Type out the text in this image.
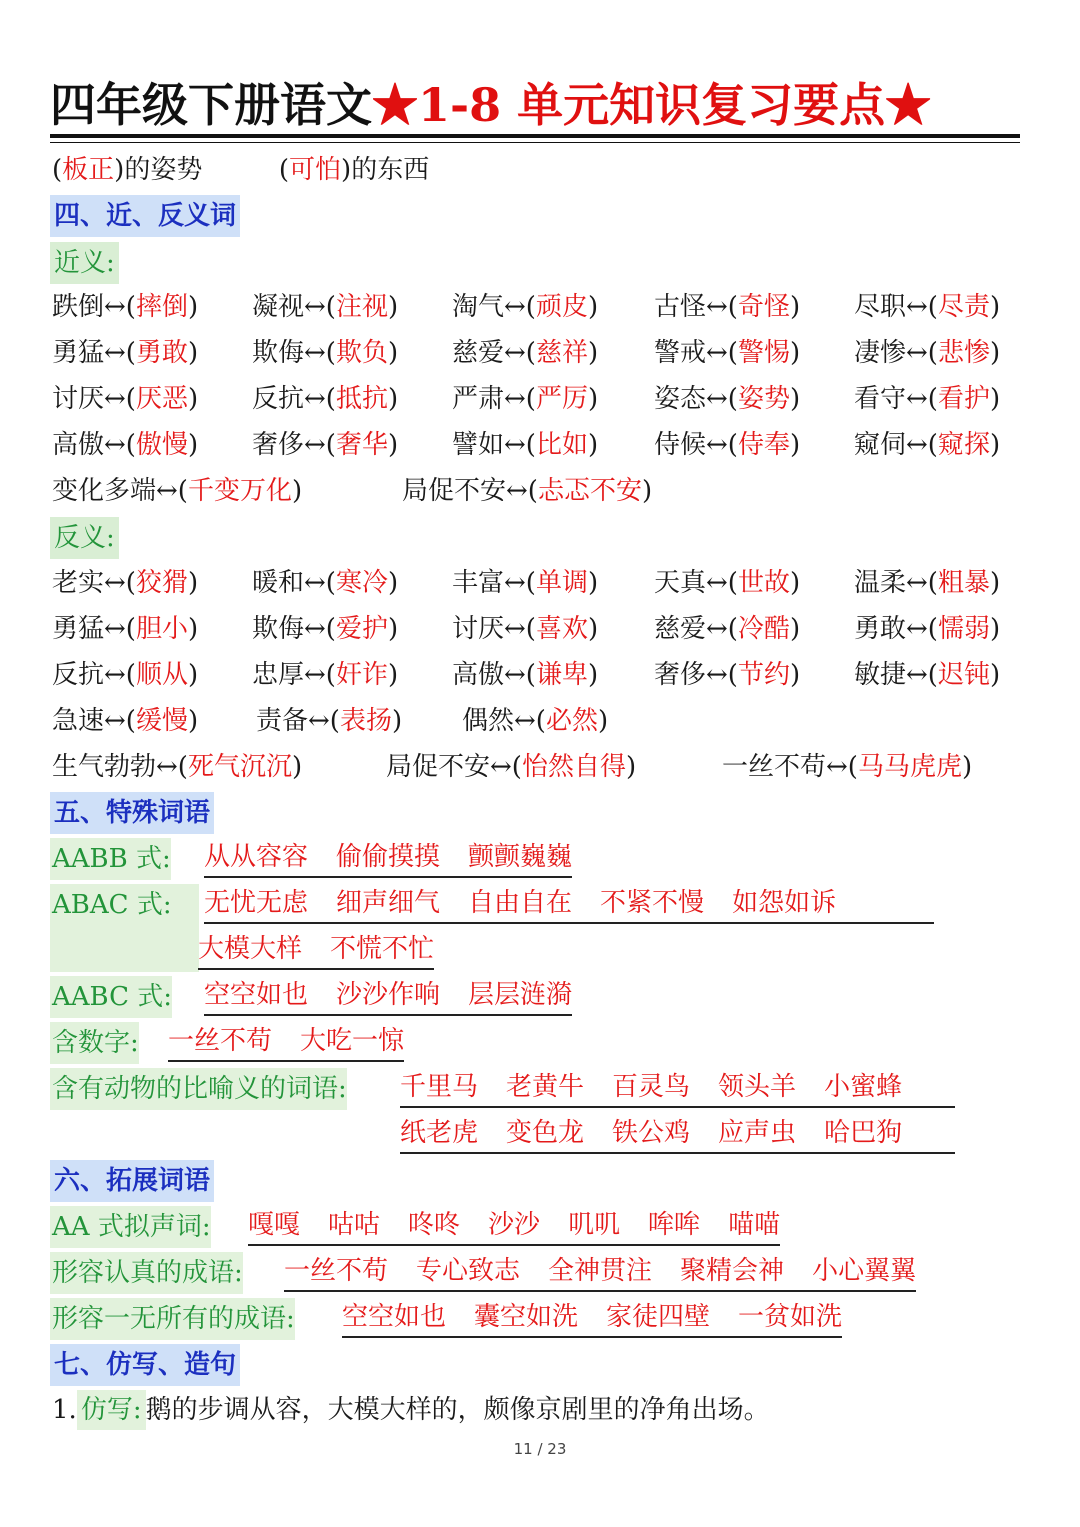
四年级下册语文★1-8 单元知识复习要点★
(板正)的姿势	(可怕)的东西
四、近、反义词
近义:
跌倒↔(摔倒) 凝视↔(注视) 淘气↔(顽皮) 古怪↔(奇怪) 尽职↔(尽责)
勇猛↔(勇敢) 欺侮↔(欺负) 慈爱↔(慈祥) 警戒↔(警惕) 凄惨↔(悲惨)
讨厌↔(厌恶) 反抗↔(抵抗) 严肃↔(严厉) 姿态↔(姿势) 看守↔(看护)
高傲↔(傲慢) 奢侈↔(奢华) 譬如↔(比如) 侍候↔(侍奉) 窥伺↔(窥探)
变化多端↔(千变万化)	局促不安↔(忐忑不安)
老实↔(狡猾) 暖和↔(寒冷) 丰富↔(单调) 天真↔(世故) 温柔↔(粗暴)
勇猛↔(胆小) 欺侮↔(爱护) 讨厌↔(喜欢) 慈爱↔(冷酷) 勇敢↔(懦弱)
反抗↔(顺从) 忠厚↔(奸诈) 高傲↔(谦卑) 奢侈↔(节约) 敏捷↔(迟钝)
急速↔(缓慢) 责备↔(表扬) 偶然↔(必然)
生气勃勃↔(死气沉沉)	局促不安↔(怡然自得)	一丝不苟↔(马马虎虎)
反义:
五、特殊词语
AABB 式: 从从容容 偷偷摸摸 颤颤巍巍
ABAC 式:	无忧无虑 细声细气 自由自在 不紧不慢 如怨如诉
大模大样 不慌不忙
AABC 式: 空空如也 沙沙作响 层层涟漪
含数字: 一丝不苟 大吃一惊
含有动物的比喻义的词语: 千里马 老黄牛 百灵鸟 领头羊 小蜜蜂
纸老虎 变色龙 铁公鸡 应声虫 哈巴狗
六、拓展词语
AA 式拟声词: 嘎嘎 咕咕 咚咚 沙沙 叽叽 哞哞 喵喵
形容认真的成语: 一丝不苟 专心致志 全神贯注 聚精会神 小心翼翼
形容一无所有的成语: 空空如也 囊空如洗 家徒四壁 一贫如洗
七、仿写、造句
1. 仿写: 鹅的步调从容，大模大样的，颇像京剧里的净角出场。
11 / 23
